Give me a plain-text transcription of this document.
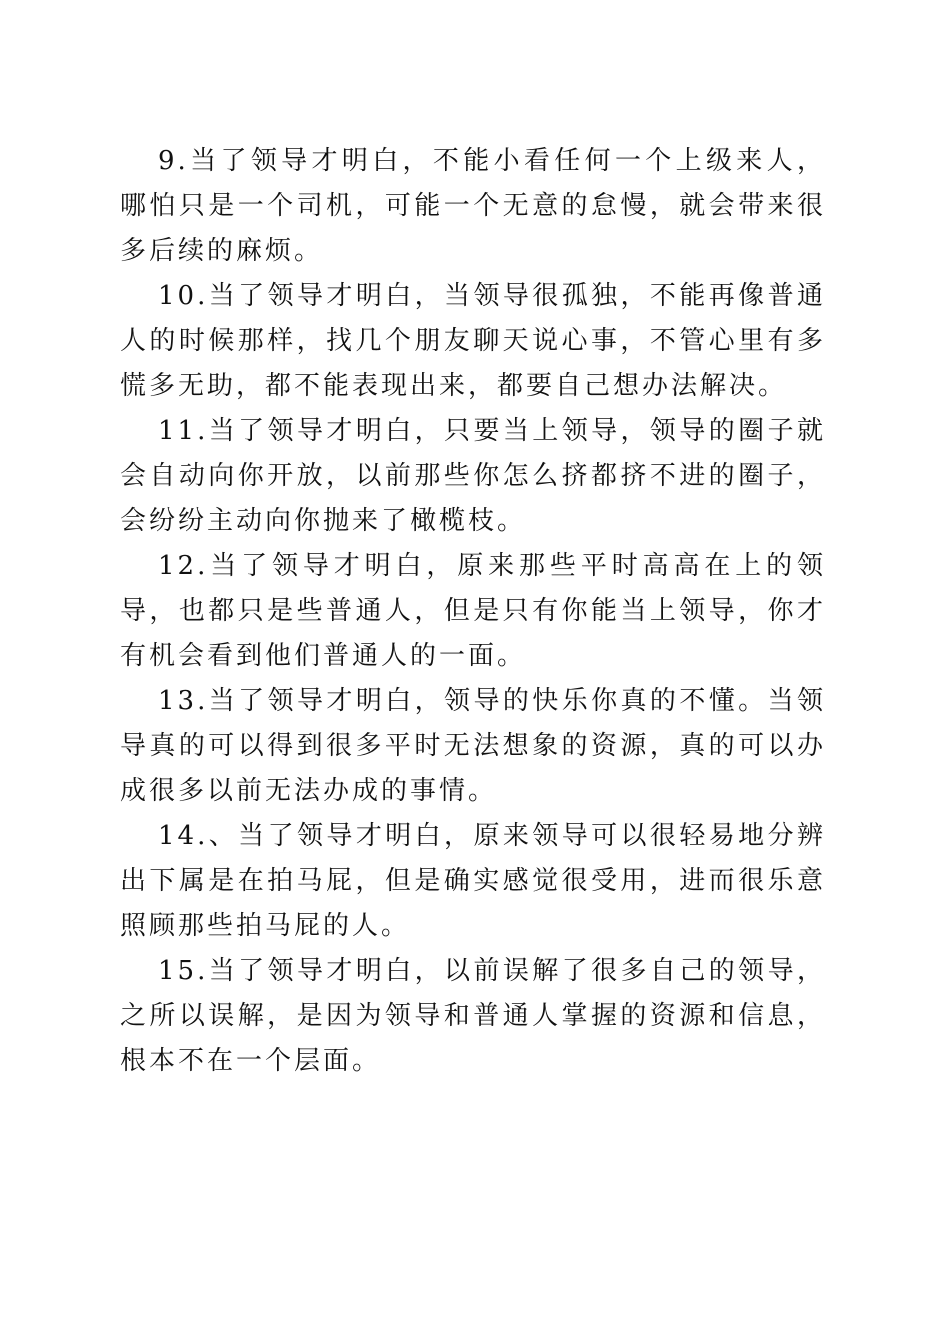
9.当了领导才明白，不能小看任何一个上级来人，哪怕只是一个司机，可能一个无意的怠慢，就会带来很多后续的麻烦。

10.当了领导才明白，当领导很孤独，不能再像普通人的时候那样，找几个朋友聊天说心事，不管心里有多慌多无助，都不能表现出来，都要自己想办法解决。

11.当了领导才明白，只要当上领导，领导的圈子就会自动向你开放，以前那些你怎么挤都挤不进的圈子，会纷纷主动向你抛来了橄榄枝。

12.当了领导才明白，原来那些平时高高在上的领导，也都只是些普通人，但是只有你能当上领导，你才有机会看到他们普通人的一面。

13.当了领导才明白，领导的快乐你真的不懂。当领导真的可以得到很多平时无法想象的资源，真的可以办成很多以前无法办成的事情。

14.、当了领导才明白，原来领导可以很轻易地分辨出下属是在拍马屁，但是确实感觉很受用，进而很乐意照顾那些拍马屁的人。

15.当了领导才明白，以前误解了很多自己的领导，之所以误解，是因为领导和普通人掌握的资源和信息，根本不在一个层面。
